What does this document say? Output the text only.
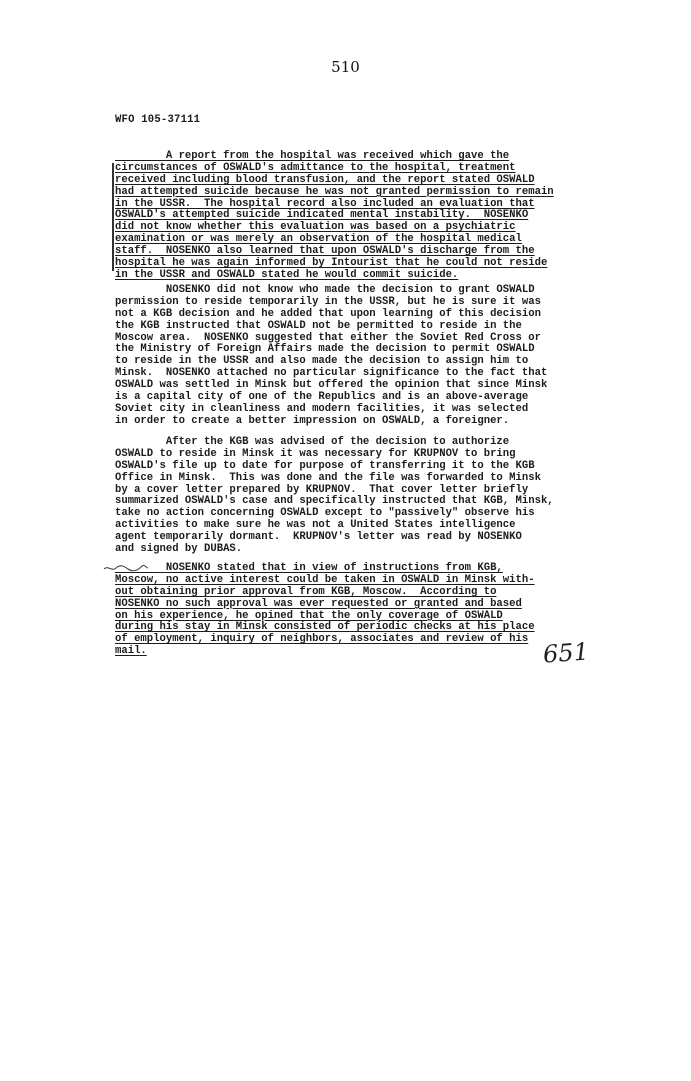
510
WFO 105-37111
A report from the hospital was received which gave the
circumstances of OSWALD's admittance to the hospital, treatment
received including blood transfusion, and the report stated OSWALD
had attempted suicide because he was not granted permission to remain
in the USSR.  The hospital record also included an evaluation that
OSWALD's attempted suicide indicated mental instability.  NOSENKO
did not know whether this evaluation was based on a psychiatric
examination or was merely an observation of the hospital medical
staff.  NOSENKO also learned that upon OSWALD's discharge from the
hospital he was again informed by Intourist that he could not reside
in the USSR and OSWALD stated he would commit suicide.
NOSENKO did not know who made the decision to grant OSWALD
permission to reside temporarily in the USSR, but he is sure it was
not a KGB decision and he added that upon learning of this decision
the KGB instructed that OSWALD not be permitted to reside in the
Moscow area.  NOSENKO suggested that either the Soviet Red Cross or
the Ministry of Foreign Affairs made the decision to permit OSWALD
to reside in the USSR and also made the decision to assign him to
Minsk.  NOSENKO attached no particular significance to the fact that
OSWALD was settled in Minsk but offered the opinion that since Minsk
is a capital city of one of the Republics and is an above-average
Soviet city in cleanliness and modern facilities, it was selected
in order to create a better impression on OSWALD, a foreigner.
After the KGB was advised of the decision to authorize
OSWALD to reside in Minsk it was necessary for KRUPNOV to bring
OSWALD's file up to date for purpose of transferring it to the KGB
Office in Minsk.  This was done and the file was forwarded to Minsk
by a cover letter prepared by KRUPNOV.  That cover letter briefly
summarized OSWALD's case and specifically instructed that KGB, Minsk,
take no action concerning OSWALD except to "passively" observe his
activities to make sure he was not a United States intelligence
agent temporarily dormant.  KRUPNOV's letter was read by NOSENKO
and signed by DUBAS.
NOSENKO stated that in view of instructions from KGB,
Moscow, no active interest could be taken in OSWALD in Minsk with-
out obtaining prior approval from KGB, Moscow.  According to
NOSENKO no such approval was ever requested or granted and based
on his experience, he opined that the only coverage of OSWALD
during his stay in Minsk consisted of periodic checks at his place
of employment, inquiry of neighbors, associates and review of his
mail.	651
